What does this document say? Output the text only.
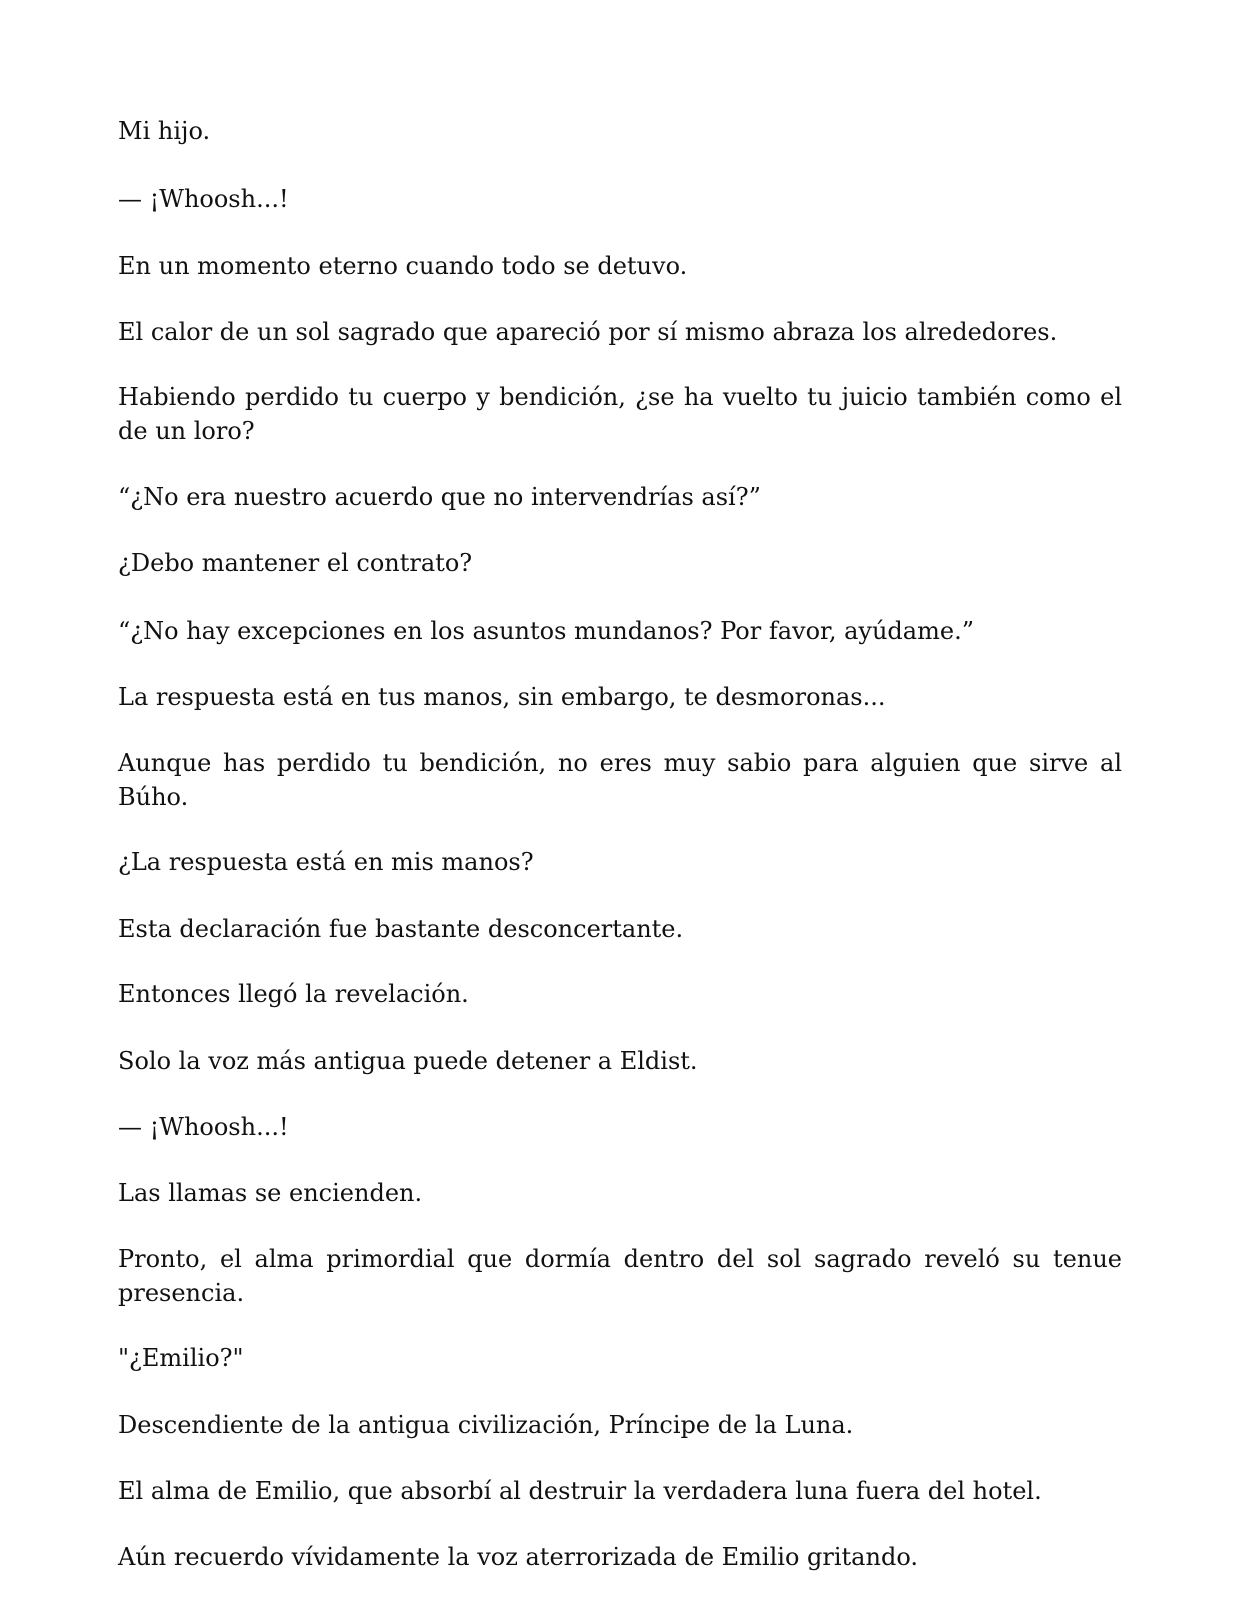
Mi hijo.

— ¡Whoosh...!

En un momento eterno cuando todo se detuvo.

El calor de un sol sagrado que apareció por sí mismo abraza los alrededores.

Habiendo perdido tu cuerpo y bendición, ¿se ha vuelto tu juicio también como el de un loro?

“¿No era nuestro acuerdo que no intervendrías así?”

¿Debo mantener el contrato?

“¿No hay excepciones en los asuntos mundanos? Por favor, ayúdame.”

La respuesta está en tus manos, sin embargo, te desmoronas...

Aunque has perdido tu bendición, no eres muy sabio para alguien que sirve al Búho.

¿La respuesta está en mis manos?

Esta declaración fue bastante desconcertante.

Entonces llegó la revelación.

Solo la voz más antigua puede detener a Eldist.

— ¡Whoosh...!

Las llamas se encienden.

Pronto, el alma primordial que dormía dentro del sol sagrado reveló su tenue presencia.

"¿Emilio?"

Descendiente de la antigua civilización, Príncipe de la Luna.

El alma de Emilio, que absorbí al destruir la verdadera luna fuera del hotel.

Aún recuerdo vívidamente la voz aterrorizada de Emilio gritando.
